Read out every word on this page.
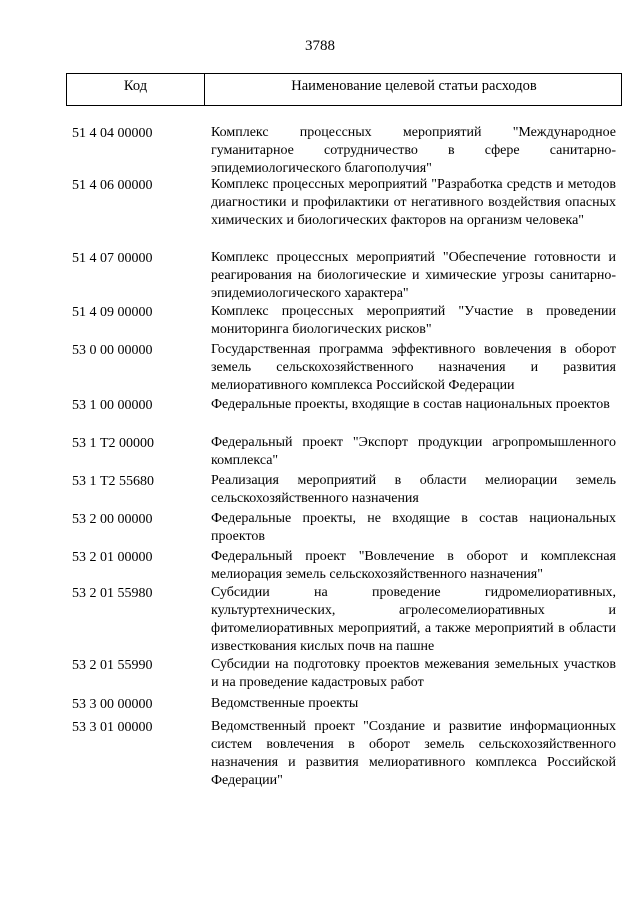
3788
Код	Наименование целевой статьи расходов
51 4 04 00000	Комплекс процессных мероприятий "Международное гуманитарное сотрудничество в сфере санитарно-эпидемиологического благополучия"
51 4 06 00000	Комплекс процессных мероприятий "Разработка средств и методов диагностики и профилактики от негативного воздействия опасных химических и биологических факторов на организм человека"
51 4 07 00000	Комплекс процессных мероприятий "Обеспечение готовности и реагирования на биологические и химические угрозы санитарно-эпидемиологического характера"
51 4 09 00000	Комплекс процессных мероприятий "Участие в проведении мониторинга биологических рисков"
53 0 00 00000	Государственная программа эффективного вовлечения в оборот земель сельскохозяйственного назначения и развития мелиоративного комплекса Российской Федерации
53 1 00 00000	Федеральные проекты, входящие в состав национальных проектов
53 1 Т2 00000	Федеральный проект "Экспорт продукции агропромышленного комплекса"
53 1 Т2 55680	Реализация мероприятий в области мелиорации земель сельскохозяйственного назначения
53 2 00 00000	Федеральные проекты, не входящие в состав национальных проектов
53 2 01 00000	Федеральный проект "Вовлечение в оборот и комплексная мелиорация земель сельскохозяйственного назначения"
53 2 01 55980	Субсидии на проведение гидромелиоративных, культуртехнических, агролесомелиоративных и фитомелиоративных мероприятий, а также мероприятий в области известкования кислых почв на пашне
53 2 01 55990	Субсидии на подготовку проектов межевания земельных участков и на проведение кадастровых работ
53 3 00 00000	Ведомственные проекты
53 3 01 00000	Ведомственный проект "Создание и развитие информационных систем вовлечения в оборот земель сельскохозяйственного назначения и развития мелиоративного комплекса Российской Федерации"
